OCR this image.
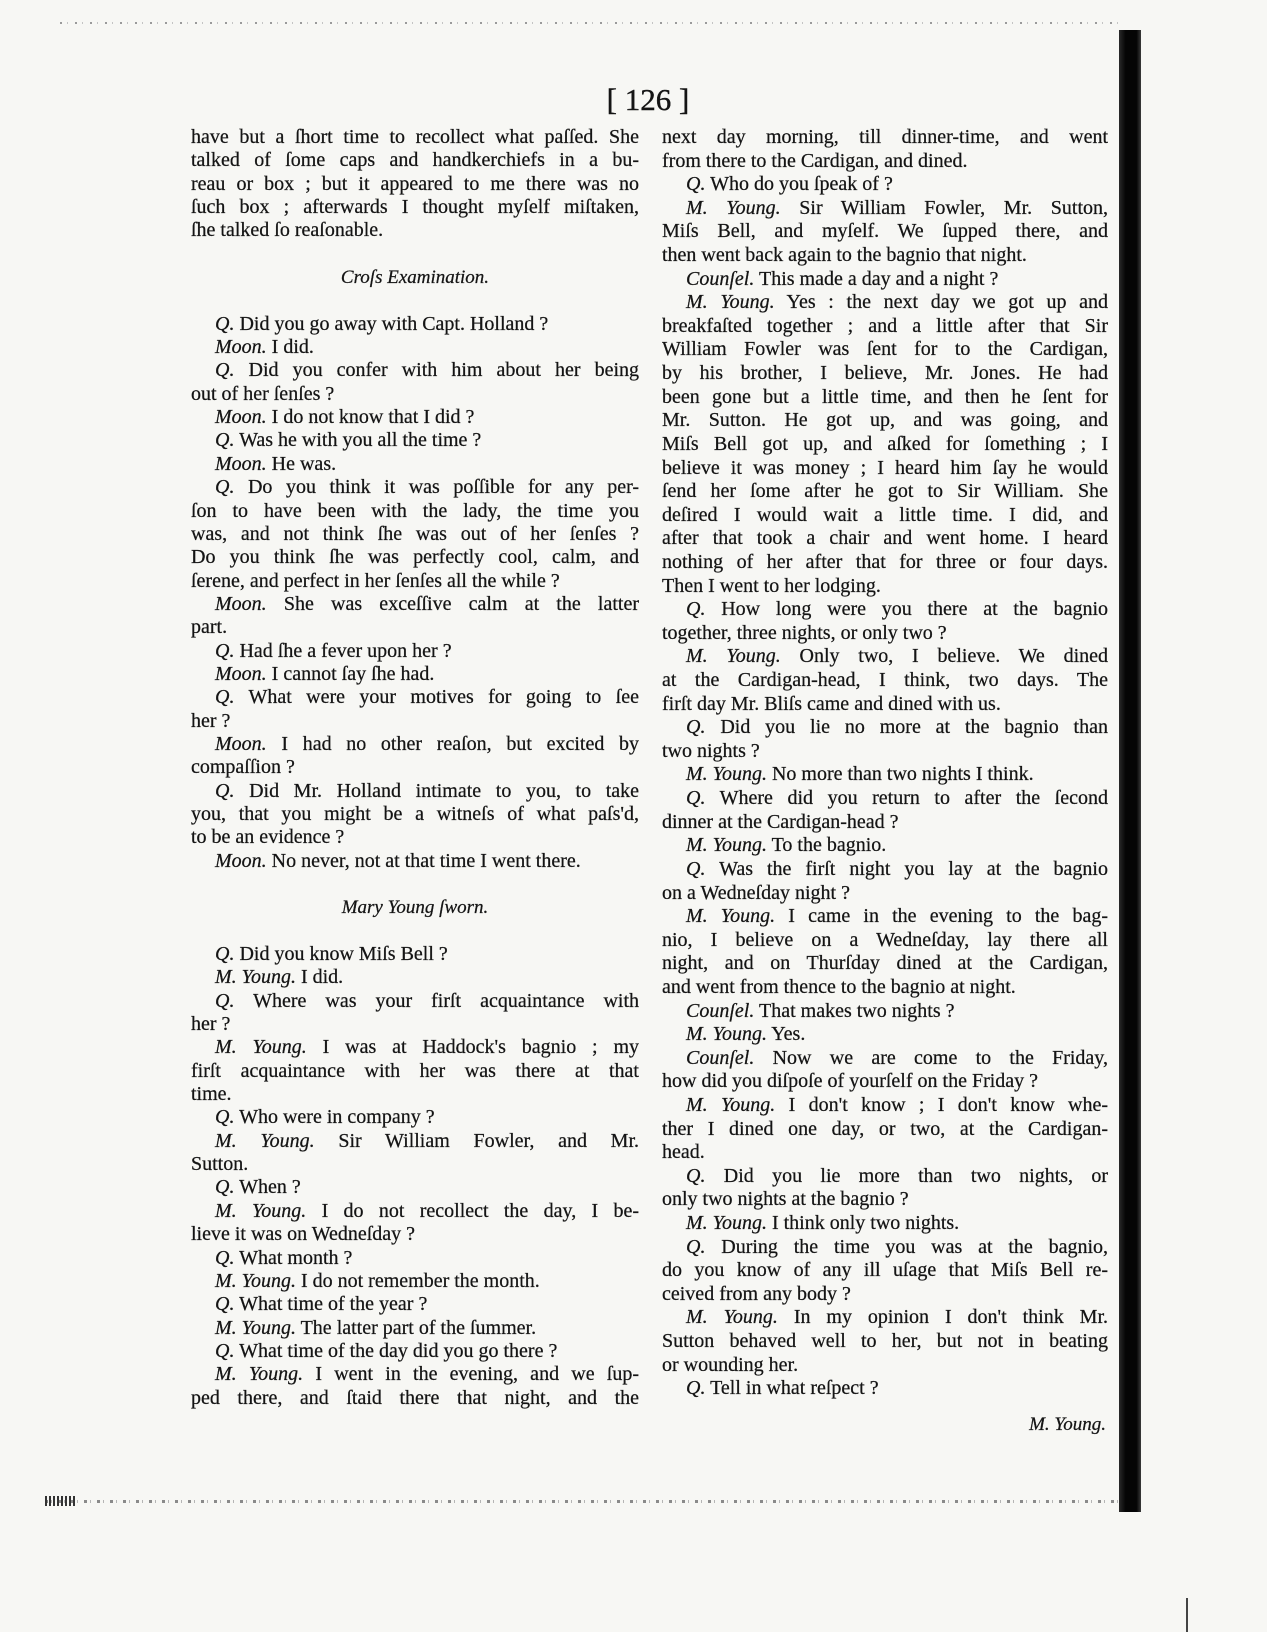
[ 126 ]
have but a ſhort time to recollect what paſſed. She
talked of ſome caps and handkerchiefs in a bu-
reau or box ; but it appeared to me there was no
ſuch box ; afterwards I thought myſelf miſtaken,
ſhe talked ſo reaſonable.
Croſs Examination.
Q. Did you go away with Capt. Holland ?
Moon. I did.
Q. Did you confer with him about her being
out of her ſenſes ?
Moon. I do not know that I did ?
Q. Was he with you all the time ?
Moon. He was.
Q. Do you think it was poſſible for any per-
ſon to have been with the lady, the time you
was, and not think ſhe was out of her ſenſes ?
Do you think ſhe was perfectly cool, calm, and
ſerene, and perfect in her ſenſes all the while ?
Moon. She was exceſſive calm at the latter
part.
Q. Had ſhe a fever upon her ?
Moon. I cannot ſay ſhe had.
Q. What were your motives for going to ſee
her ?
Moon. I had no other reaſon, but excited by
compaſſion ?
Q. Did Mr. Holland intimate to you, to take
you, that you might be a witneſs of what paſs'd,
to be an evidence ?
Moon. No never, not at that time I went there.
Mary Young ſworn.
Q. Did you know Miſs Bell ?
M. Young. I did.
Q. Where was your firſt acquaintance with
her ?
M. Young. I was at Haddock's bagnio ; my
firſt acquaintance with her was there at that
time.
Q. Who were in company ?
M. Young. Sir William Fowler, and Mr.
Sutton.
Q. When ?
M. Young. I do not recollect the day, I be-
lieve it was on Wedneſday ?
Q. What month ?
M. Young. I do not remember the month.
Q. What time of the year ?
M. Young. The latter part of the ſummer.
Q. What time of the day did you go there ?
M. Young. I went in the evening, and we ſup-
ped there, and ſtaid there that night, and the
next day morning, till dinner-time, and went
from there to the Cardigan, and dined.
Q. Who do you ſpeak of ?
M. Young. Sir William Fowler, Mr. Sutton,
Miſs Bell, and myſelf. We ſupped there, and
then went back again to the bagnio that night.
Counſel. This made a day and a night ?
M. Young. Yes : the next day we got up and
breakfaſted together ; and a little after that Sir
William Fowler was ſent for to the Cardigan,
by his brother, I believe, Mr. Jones. He had
been gone but a little time, and then he ſent for
Mr. Sutton. He got up, and was going, and
Miſs Bell got up, and aſked for ſomething ; I
believe it was money ; I heard him ſay he would
ſend her ſome after he got to Sir William. She
deſired I would wait a little time. I did, and
after that took a chair and went home. I heard
nothing of her after that for three or four days.
Then I went to her lodging.
Q. How long were you there at the bagnio
together, three nights, or only two ?
M. Young. Only two, I believe. We dined
at the Cardigan-head, I think, two days. The
firſt day Mr. Bliſs came and dined with us.
Q. Did you lie no more at the bagnio than
two nights ?
M. Young. No more than two nights I think.
Q. Where did you return to after the ſecond
dinner at the Cardigan-head ?
M. Young. To the bagnio.
Q. Was the firſt night you lay at the bagnio
on a Wedneſday night ?
M. Young. I came in the evening to the bag-
nio, I believe on a Wedneſday, lay there all
night, and on Thurſday dined at the Cardigan,
and went from thence to the bagnio at night.
Counſel. That makes two nights ?
M. Young. Yes.
Counſel. Now we are come to the Friday,
how did you diſpoſe of yourſelf on the Friday ?
M. Young. I don't know ; I don't know whe-
ther I dined one day, or two, at the Cardigan-
head.
Q. Did you lie more than two nights, or
only two nights at the bagnio ?
M. Young. I think only two nights.
Q. During the time you was at the bagnio,
do you know of any ill uſage that Miſs Bell re-
ceived from any body ?
M. Young. In my opinion I don't think Mr.
Sutton behaved well to her, but not in beating
or wounding her.
Q. Tell in what reſpect ?
M. Young.
